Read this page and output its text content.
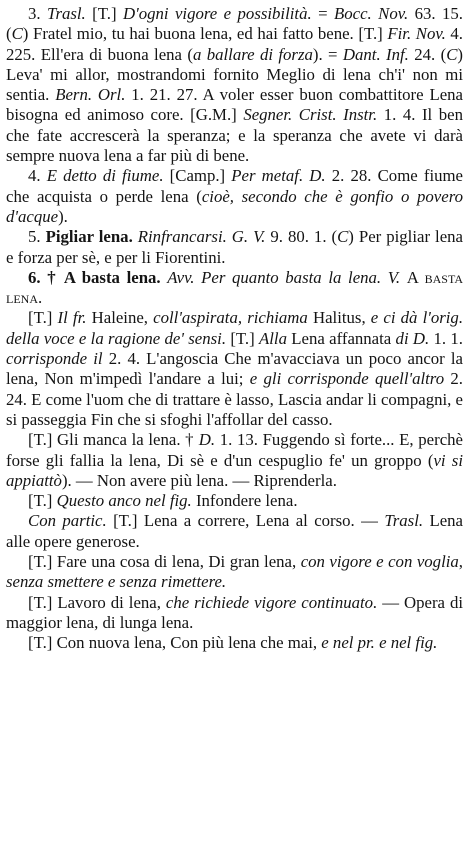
3. Trasl. [T.] D'ogni vigore e possibilità. = Bocc. Nov. 63. 15. (C) Fratel mio, tu hai buona lena, ed hai fatto bene. [T.] Fir. Nov. 4. 225. Ell'era di buona lena (a ballare di forza). = Dant. Inf. 24. (C) Leva' mi allor, mostrandomi fornito Meglio di lena ch'i' non mi sentia. Bern. Orl. 1. 21. 27. A voler esser buon combattitore Lena bisogna ed animoso core. [G.M.] Segner. Crist. Instr. 1. 4. Il ben che fate accrescerà la speranza; e la speranza che avete vi darà sempre nuova lena a far più di bene.

4. E detto di fiume. [Camp.] Per metaf. D. 2. 28. Come fiume che acquista o perde lena (cioè, secondo che è gonfio o povero d'acque).

5. Pigliar lena. Rinfrancarsi. G. V. 9. 80. 1. (C) Per pigliar lena e forza per sè, e per li Fiorentini.

6. † A basta lena. Avv. Per quanto basta la lena. V. A basta lena.

[T.] Il fr. Haleine, coll'aspirata, richiama Halitus, e ci dà l'orig. della voce e la ragione de' sensi. [T.] Alla Lena affannata di D. 1. 1. corrisponde il 2. 4. L'angoscia Che m'avacciava un poco ancor la lena, Non m'impedì l'andare a lui; e gli corrisponde quell'altro 2. 24. E come l'uom che di trattare è lasso, Lascia andar li compagni, e si passeggia Fin che si sfoghi l'affollar del casso.

[T.] Gli manca la lena. † D. 1. 13. Fuggendo sì forte... E, perchè forse gli fallia la lena, Di sè e d'un cespuglio fe' un groppo (vi si appiattò). — Non avere più lena. — Riprenderla.

[T.] Questo anco nel fig. Infondere lena.

Con partic. [T.] Lena a correre, Lena al corso. — Trasl. Lena alle opere generose.

[T.] Fare una cosa di lena, Di gran lena, con vigore e con voglia, senza smettere e senza rimettere.

[T.] Lavoro di lena, che richiede vigore continuato. — Opera di maggior lena, di lunga lena.

[T.] Con nuova lena, Con più lena che mai, e nel pr. e nel fig.
